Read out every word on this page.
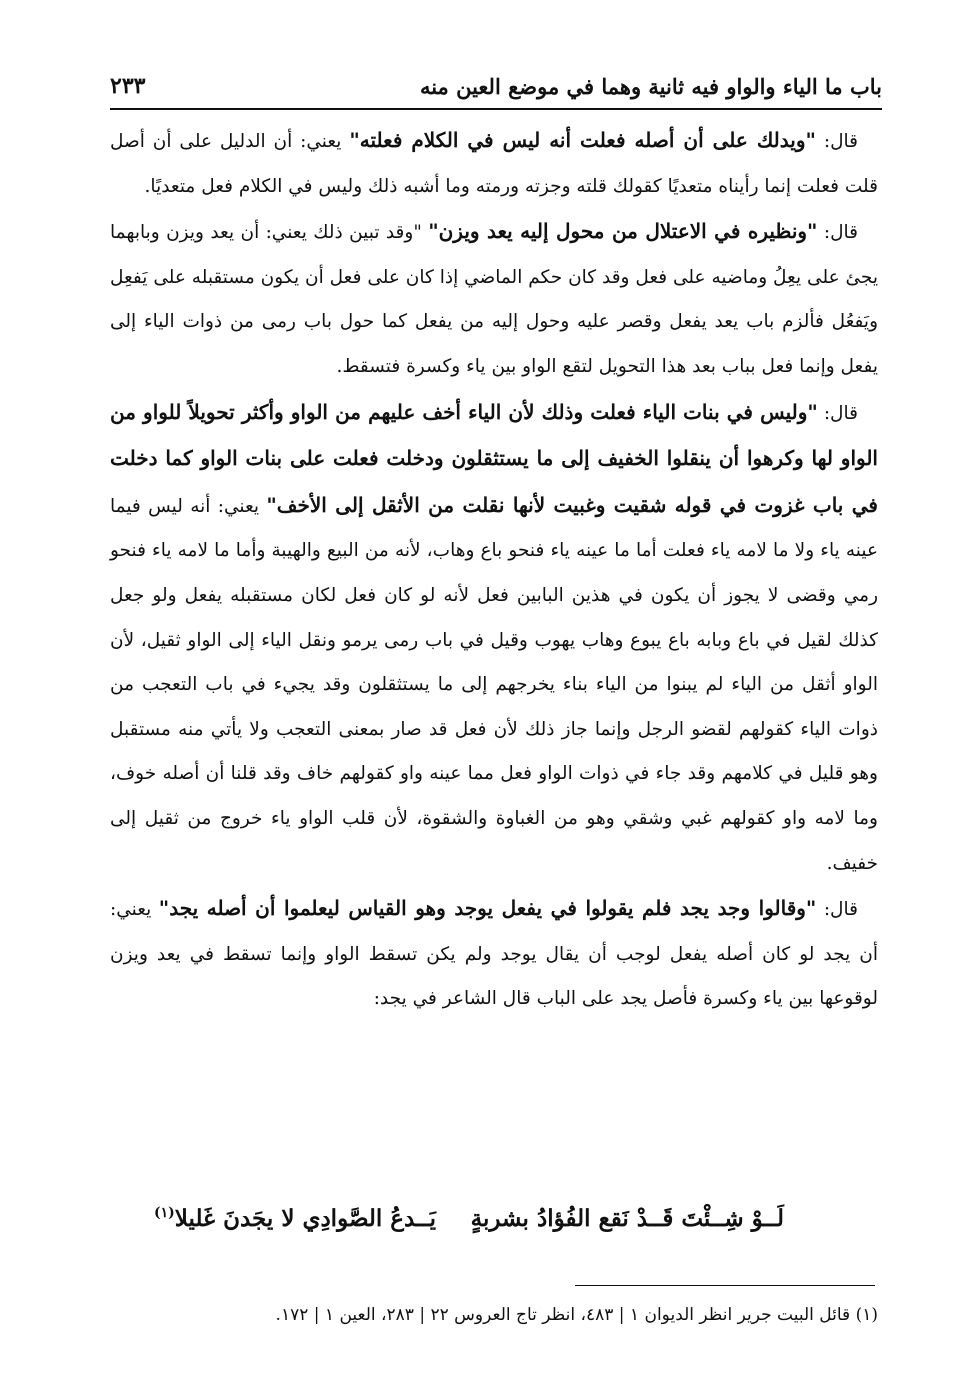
باب ما الياء والواو فيه ثانية وهما في موضع العين منه
٢٣٣

قال: "ويدلك على أن أصله فعلت أنه ليس في الكلام فعلته" يعني: أن الدليل على أن أصل قلت فعلت إنما رأيناه متعديًا كقولك قلته وجزته ورمته وما أشبه ذلك وليس في الكلام فعل متعديًا.

قال: "ونظيره في الاعتلال من محول إليه يعد ويزن" "وقد تبين ذلك يعني: أن يعد ويزن وبابهما يجئ على يعِلُ وماضيه على فعل وقد كان حكم الماضي إذا كان على فعل أن يكون مستقبله على يَفعِل ويَفعُل فألزم باب يعد يفعل وقصر عليه وحول إليه من يفعل كما حول باب رمى من ذوات الياء إلى يفعل وإنما فعل بباب بعد هذا التحويل لتقع الواو بين ياء وكسرة فتسقط.

قال: "وليس في بنات الياء فعلت وذلك لأن الياء أخف عليهم من الواو وأكثر تحويلاً للواو من الواو لها وكرهوا أن ينقلوا الخفيف إلى ما يستثقلون ودخلت فعلت على بنات الواو كما دخلت في باب غزوت في قوله شقيت وغبيت لأنها نقلت من الأثقل إلى الأخف" يعني: أنه ليس فيما عينه ياء ولا ما لامه ياء فعلت أما ما عينه ياء فنحو باع وهاب، لأنه من البيع والهيبة وأما ما لامه ياء فنحو رمي وقضى لا يجوز أن يكون في هذين البابين فعل لأنه لو كان فعل لكان مستقبله يفعل ولو جعل كذلك لقيل في باع وبابه باع يبوع وهاب يهوب وقيل في باب رمى يرمو ونقل الياء إلى الواو ثقيل، لأن الواو أثقل من الياء لم يبنوا من الياء بناء يخرجهم إلى ما يستثقلون وقد يجيء في باب التعجب من ذوات الياء كقولهم لقضو الرجل وإنما جاز ذلك لأن فعل قد صار بمعنى التعجب ولا يأتي منه مستقبل وهو قليل في كلامهم وقد جاء في ذوات الواو فعل مما عينه واو كقولهم خاف وقد قلنا أن أصله خوف، وما لامه واو كقولهم غبي وشقي وهو من الغباوة والشقوة، لأن قلب الواو ياء خروج من ثقيل إلى خفيف.

قال: "وقالوا وجد يجد فلم يقولوا في يفعل يوجد وهو القياس ليعلموا أن أصله يجد" يعني: أن يجد لو كان أصله يفعل لوجب أن يقال يوجد ولم يكن تسقط الواو وإنما تسقط في يعد ويزن لوقوعها بين ياء وكسرة فأصل يجد على الباب قال الشاعر في يجد:

لَــوْ شِــئْتَ قَــدْ نَقع الفُؤادُ بشربةٍ
يَــدعُ الصَّوادِي لا يجَدنَ غَليلا$^{(١)}$
(١) قائل البيت جرير انظر الديوان ١ | ٤٨٣، انظر تاج العروس ٢٢ | ٢٨٣، العين ١ | ١٧٢.
